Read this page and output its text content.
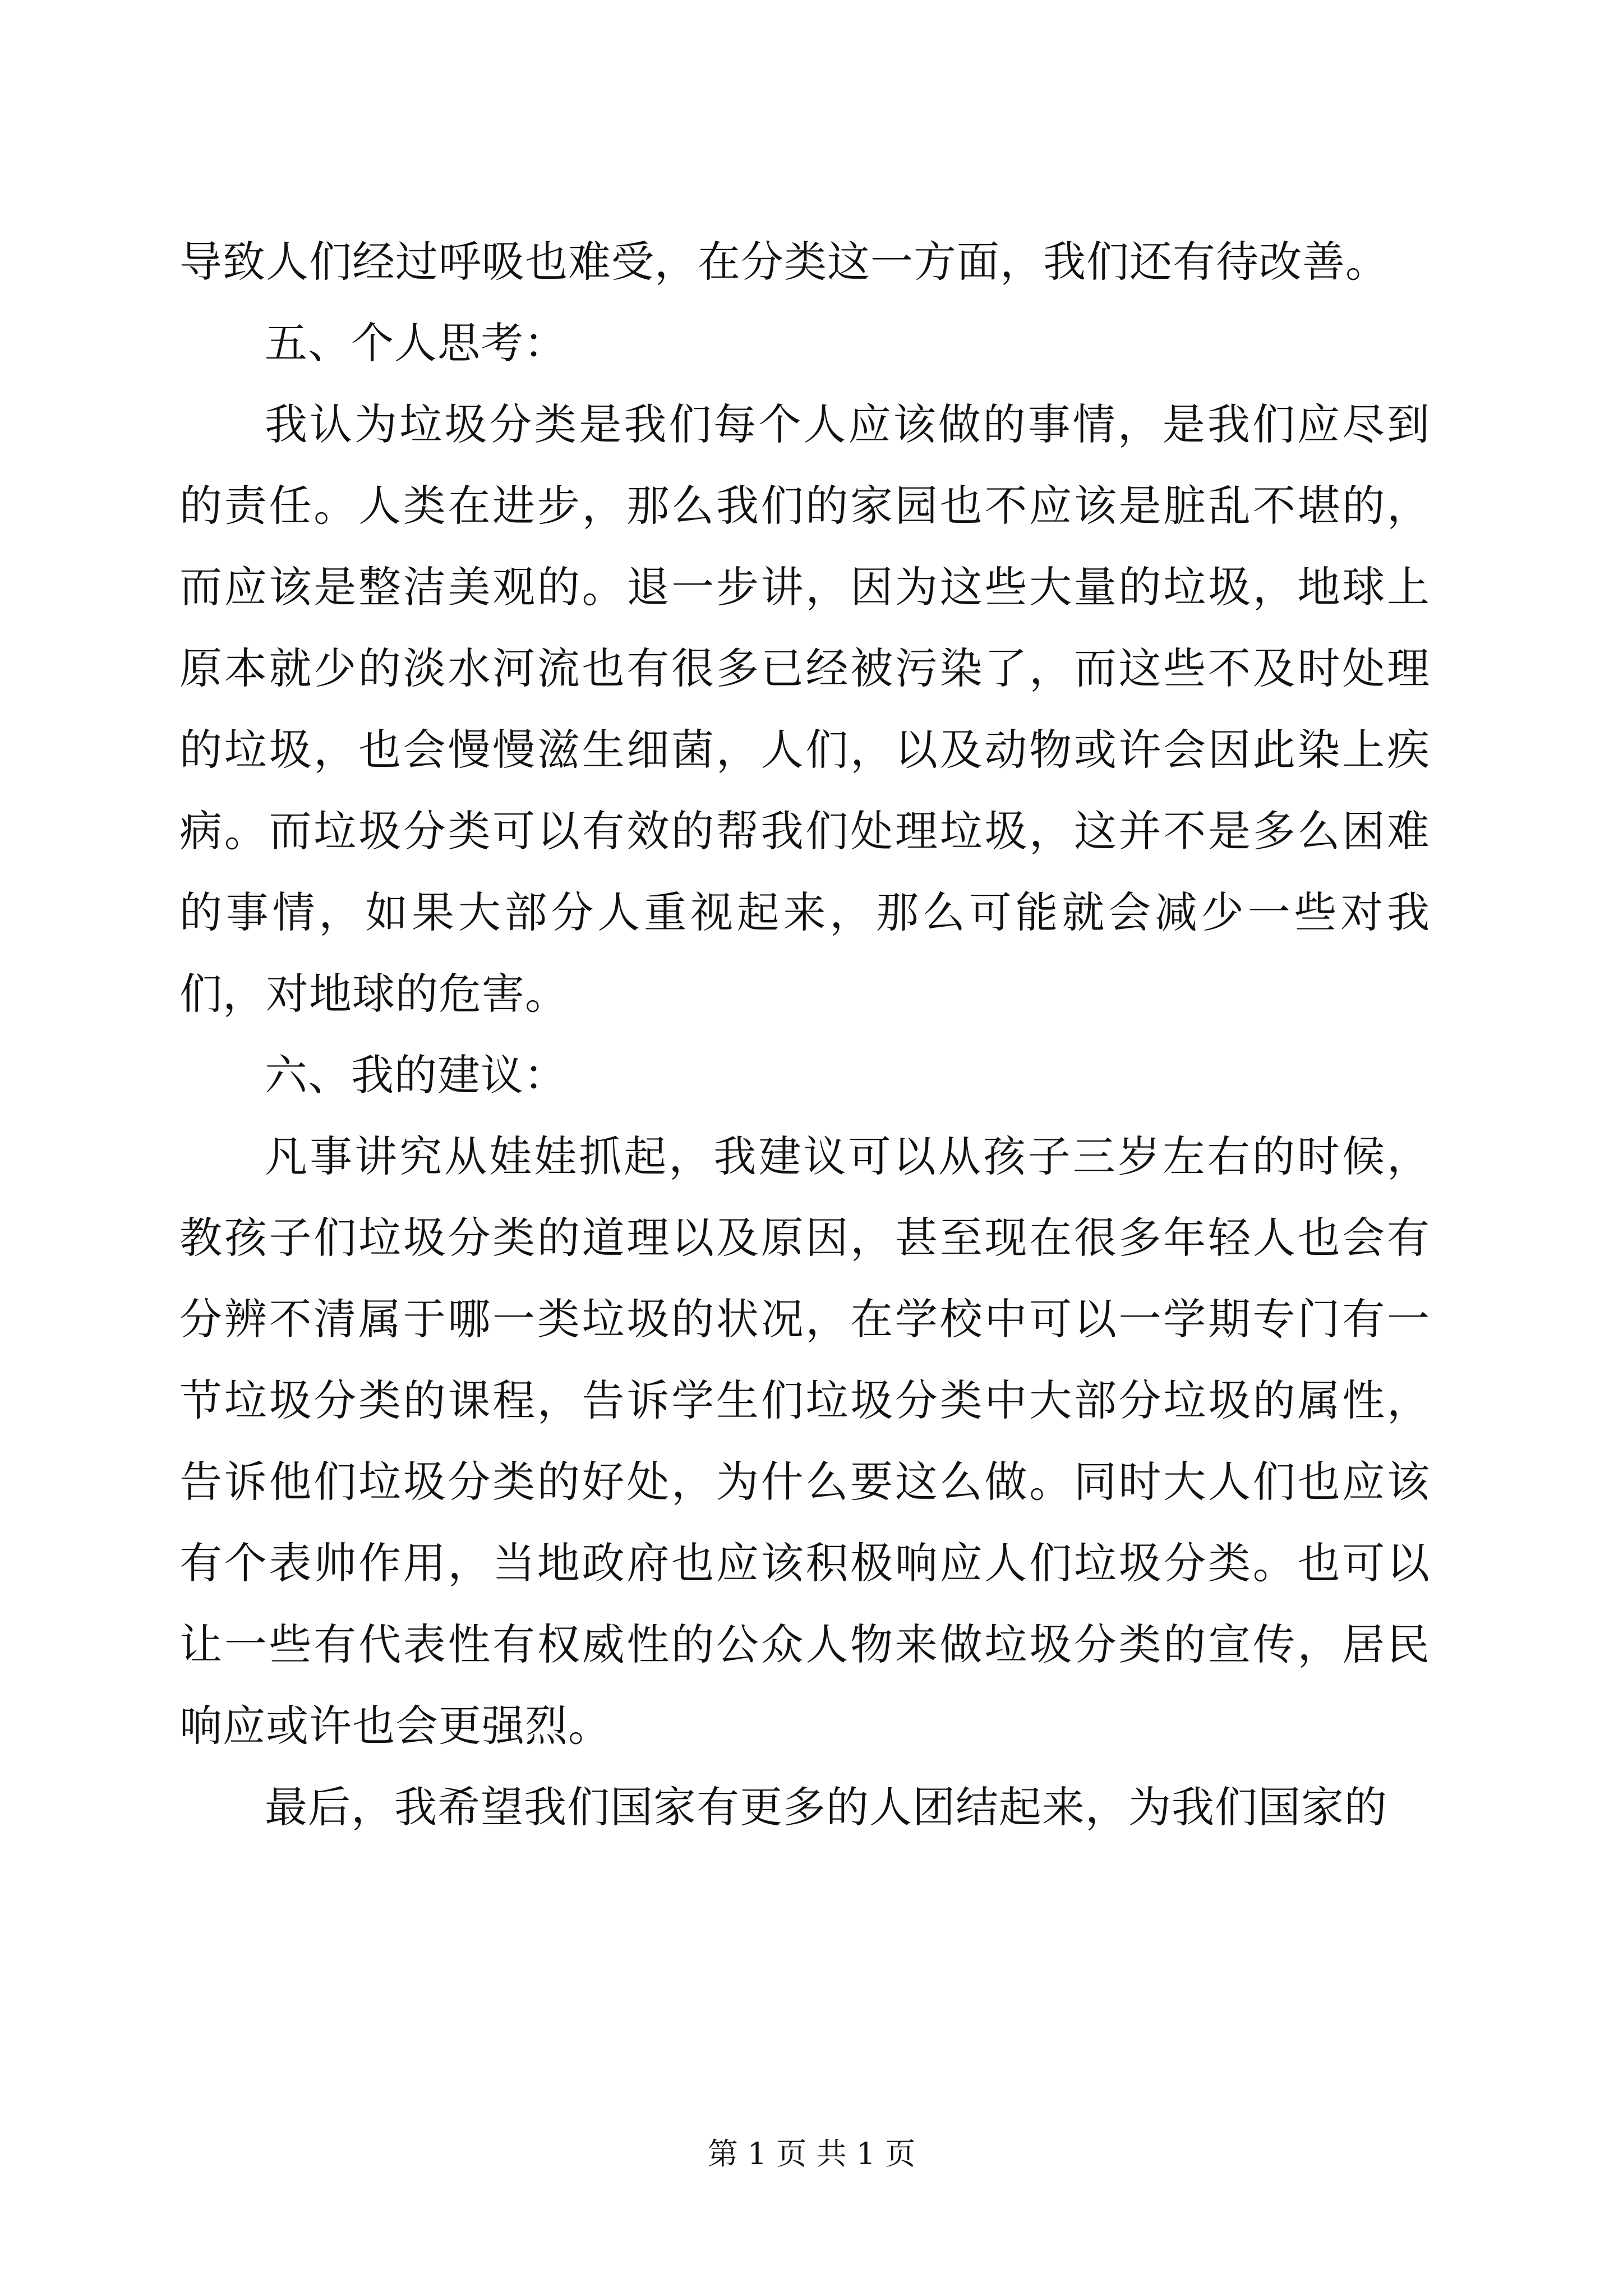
导致人们经过呼吸也难受，在分类这一方面，我们还有待改善。

五、个人思考：

我认为垃圾分类是我们每个人应该做的事情，是我们应尽到的责任。人类在进步，那么我们的家园也不应该是脏乱不堪的，而应该是整洁美观的。退一步讲，因为这些大量的垃圾，地球上原本就少的淡水河流也有很多已经被污染了，而这些不及时处理的垃圾，也会慢慢滋生细菌，人们，以及动物或许会因此染上疾病。而垃圾分类可以有效的帮我们处理垃圾，这并不是多么困难的事情，如果大部分人重视起来，那么可能就会减少一些对我们，对地球的危害。

六、我的建议：

凡事讲究从娃娃抓起，我建议可以从孩子三岁左右的时候，教孩子们垃圾分类的道理以及原因，甚至现在很多年轻人也会有分辨不清属于哪一类垃圾的状况，在学校中可以一学期专门有一节垃圾分类的课程，告诉学生们垃圾分类中大部分垃圾的属性，告诉他们垃圾分类的好处，为什么要这么做。同时大人们也应该有个表帅作用，当地政府也应该积极响应人们垃圾分类。也可以让一些有代表性有权威性的公众人物来做垃圾分类的宣传，居民响应或许也会更强烈。

最后，我希望我们国家有更多的人团结起来，为我们国家的

第 1 页 共 1 页
